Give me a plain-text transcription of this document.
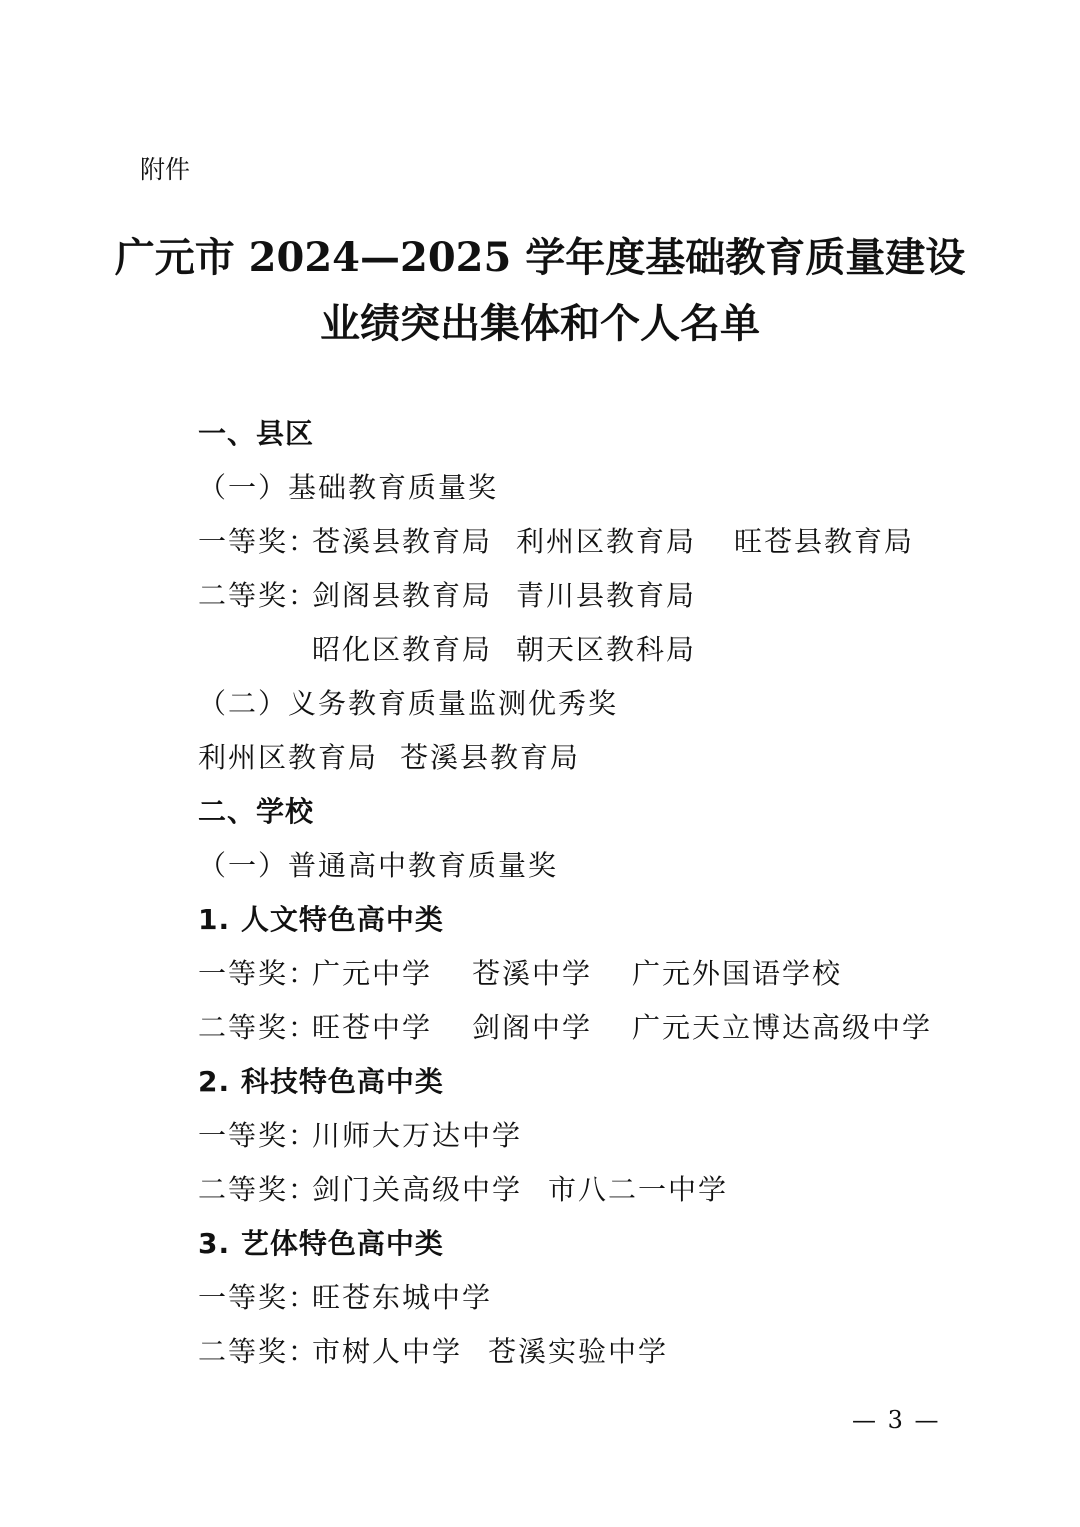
附件
广元市 2024—2025 学年度基础教育质量建设
业绩突出集体和个人名单
一、县区
（一）基础教育质量奖
一等奖：
苍溪县教育局 利州区教育局 旺苍县教育局
二等奖：
剑阁县教育局 青川县教育局
昭化区教育局 朝天区教科局
（二）义务教育质量监测优秀奖
利州区教育局 苍溪县教育局
二、学校
（一）普通高中教育质量奖
1. 人文特色高中类
一等奖：
广元中学 苍溪中学 广元外国语学校
二等奖：
旺苍中学 剑阁中学 广元天立博达高级中学
2. 科技特色高中类
一等奖：
川师大万达中学
二等奖：
剑门关高级中学 市八二一中学
3. 艺体特色高中类
一等奖：
旺苍东城中学
二等奖：
市树人中学 苍溪实验中学
— 3 —
